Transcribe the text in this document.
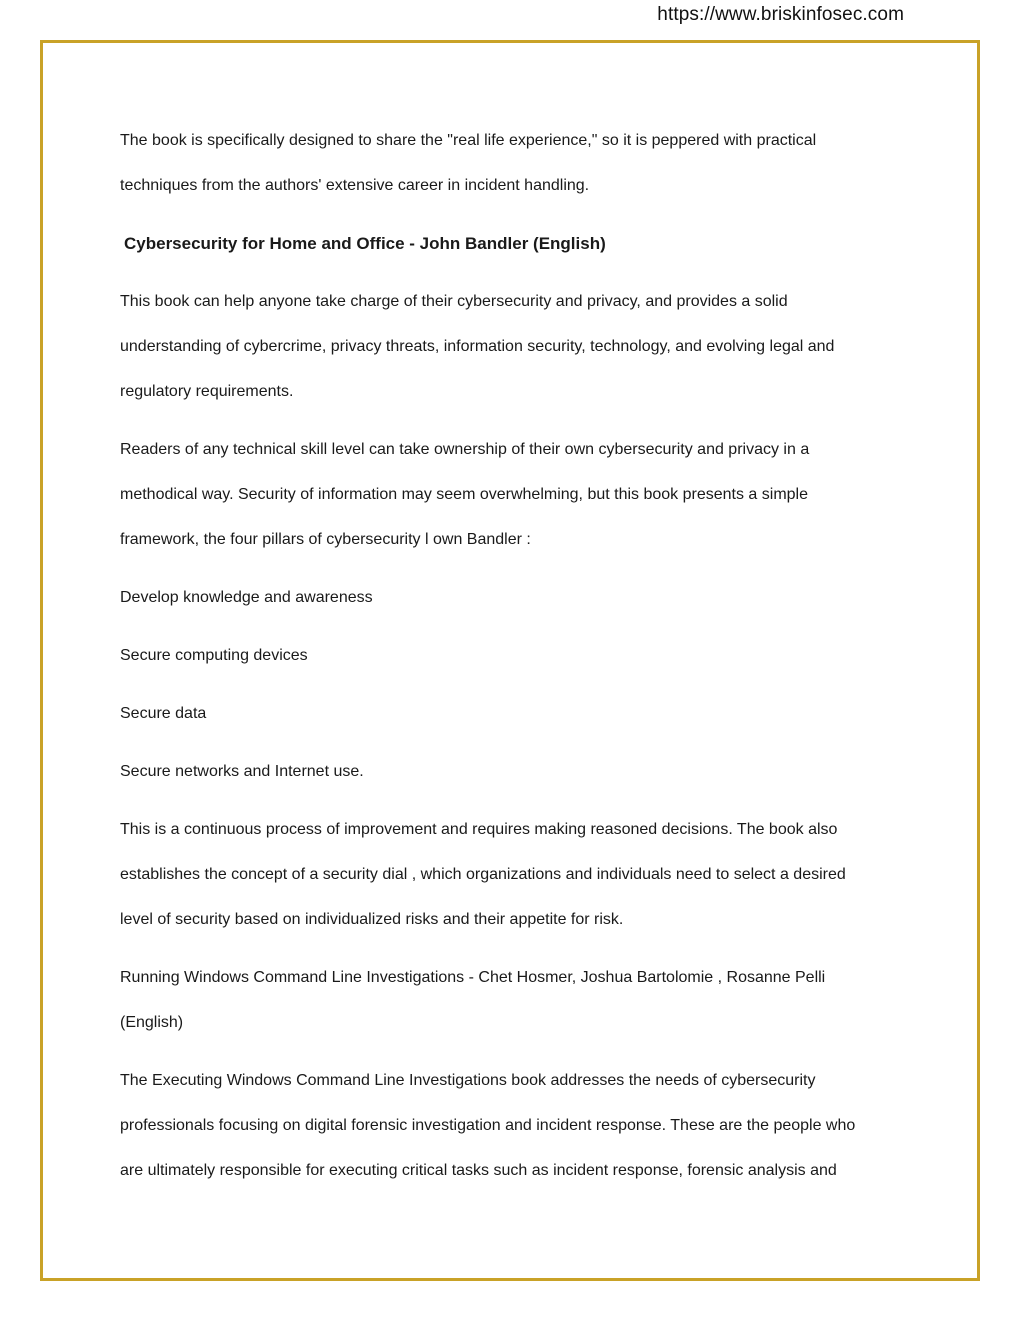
https://www.briskinfosec.com
The book is specifically designed to share the "real life experience," so it is peppered with practical
techniques from the authors' extensive career in incident handling.
Cybersecurity for Home and Office - John Bandler (English)
This book can help anyone take charge of their cybersecurity and privacy, and provides a solid
understanding of cybercrime, privacy threats, information security, technology, and evolving legal and
regulatory requirements.
Readers of any technical skill level can take ownership of their own cybersecurity and privacy in a
methodical way. Security of information may seem overwhelming, but this book presents a simple
framework, the four pillars of cybersecurity l own Bandler :
Develop knowledge and awareness
Secure computing devices
Secure data
Secure networks and Internet use.
This is a continuous process of improvement and requires making reasoned decisions. The book also
establishes the concept of a security dial , which organizations and individuals need to select a desired
level of security based on individualized risks and their appetite for risk.
Running Windows Command Line Investigations - Chet Hosmer, Joshua Bartolomie , Rosanne Pelli
(English)
The Executing Windows Command Line Investigations book addresses the needs of cybersecurity
professionals focusing on digital forensic investigation and incident response. These are the people who
are ultimately responsible for executing critical tasks such as incident response, forensic analysis and
